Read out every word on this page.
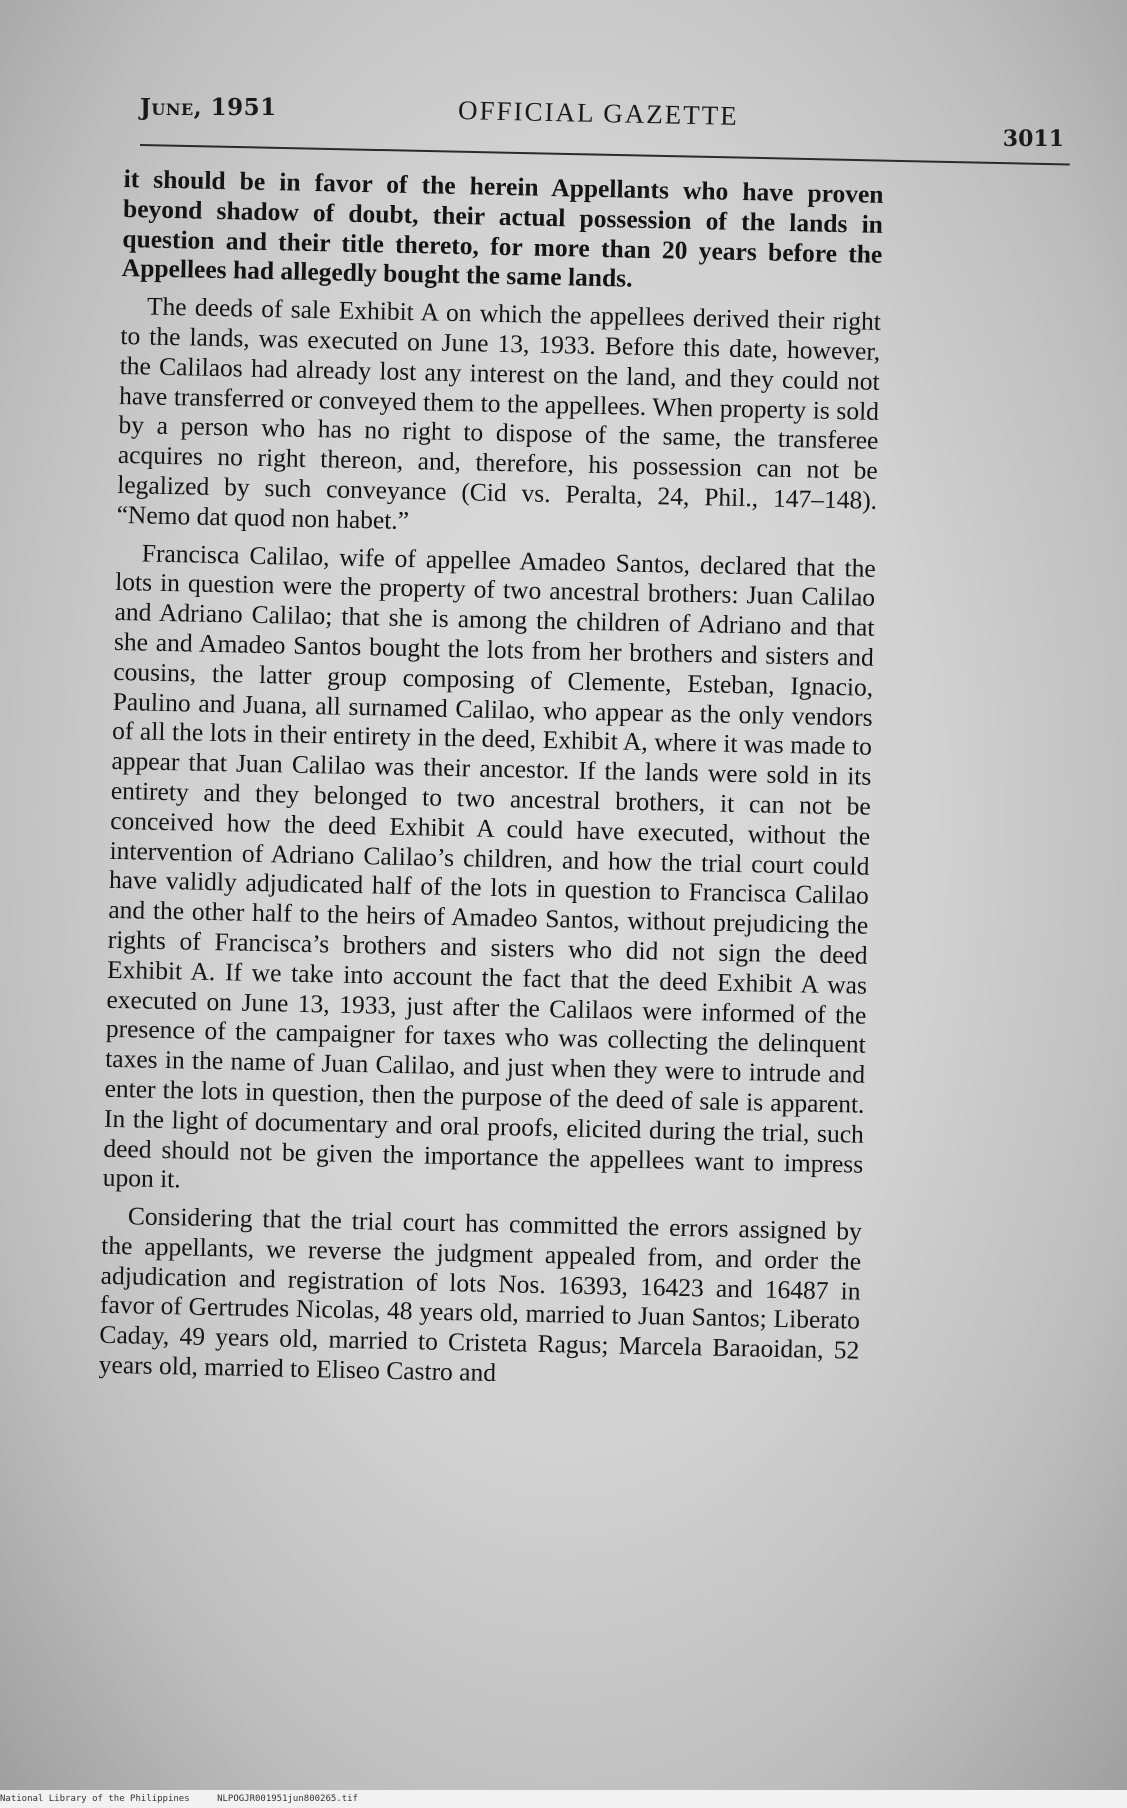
June, 1951	OFFICIAL GAZETTE
3011

it should be in favor of the herein Appellants who have proven beyond shadow of doubt, their actual possession of the lands in question and their title thereto, for more than 20 years before the Appellees had allegedly bought the same lands.

The deeds of sale Exhibit A on which the appellees derived their right to the lands, was executed on June 13, 1933. Before this date, however, the Calilaos had already lost any interest on the land, and they could not have transferred or conveyed them to the appellees. When property is sold by a person who has no right to dispose of the same, the transferee acquires no right thereon, and, therefore, his possession can not be legalized by such conveyance (Cid vs. Peralta, 24, Phil., 147–148). “Nemo dat quod non habet.”

Francisca Calilao, wife of appellee Amadeo Santos, declared that the lots in question were the property of two ancestral brothers: Juan Calilao and Adriano Calilao; that she is among the children of Adriano and that she and Amadeo Santos bought the lots from her brothers and sisters and cousins, the latter group composing of Clemente, Esteban, Ignacio, Paulino and Juana, all surnamed Calilao, who appear as the only vendors of all the lots in their entirety in the deed, Exhibit A, where it was made to appear that Juan Calilao was their ancestor. If the lands were sold in its entirety and they belonged to two ancestral brothers, it can not be conceived how the deed Exhibit A could have executed, without the intervention of Adriano Calilao’s children, and how the trial court could have validly adjudicated half of the lots in question to Francisca Calilao and the other half to the heirs of Amadeo Santos, without prejudicing the rights of Francisca’s brothers and sisters who did not sign the deed Exhibit A. If we take into account the fact that the deed Exhibit A was executed on June 13, 1933, just after the Calilaos were informed of the presence of the campaigner for taxes who was collecting the delinquent taxes in the name of Juan Calilao, and just when they were to intrude and enter the lots in question, then the purpose of the deed of sale is apparent. In the light of documentary and oral proofs, elicited during the trial, such deed should not be given the importance the appellees want to impress upon it.

Considering that the trial court has committed the errors assigned by the appellants, we reverse the judgment appealed from, and order the adjudication and registration of lots Nos. 16393, 16423 and 16487 in favor of Gertrudes Nicolas, 48 years old, married to Juan Santos; Liberato Caday, 49 years old, married to Cristeta Ragus; Marcela Baraoidan, 52 years old, married to Eliseo Castro and

National Library of the Philippines	NLPOGJR001951jun800265.tif
